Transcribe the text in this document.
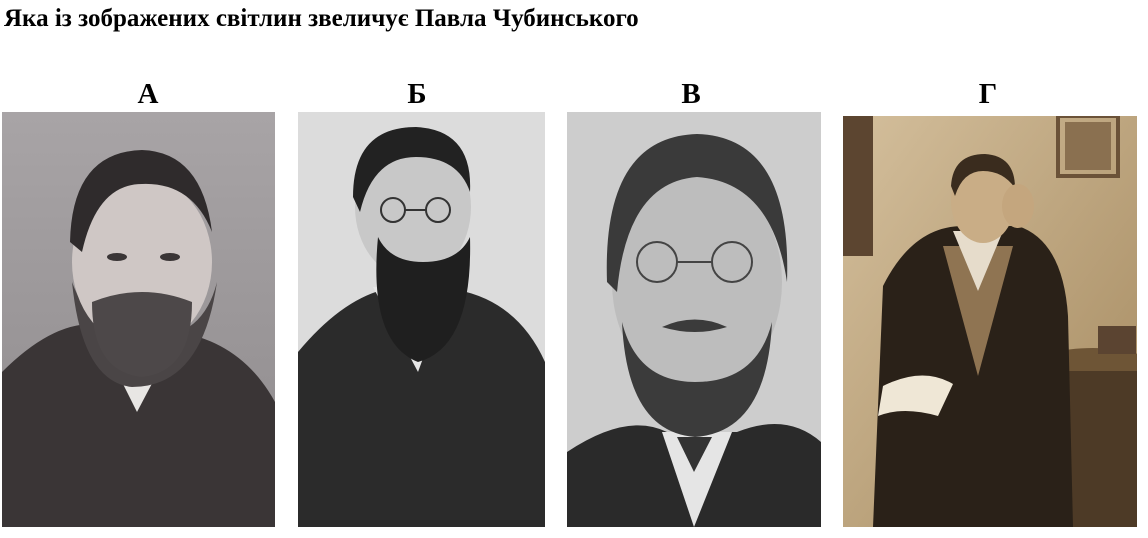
Яка із зображених світлин звеличує Павла Чубинського
А	Б	В	Г
